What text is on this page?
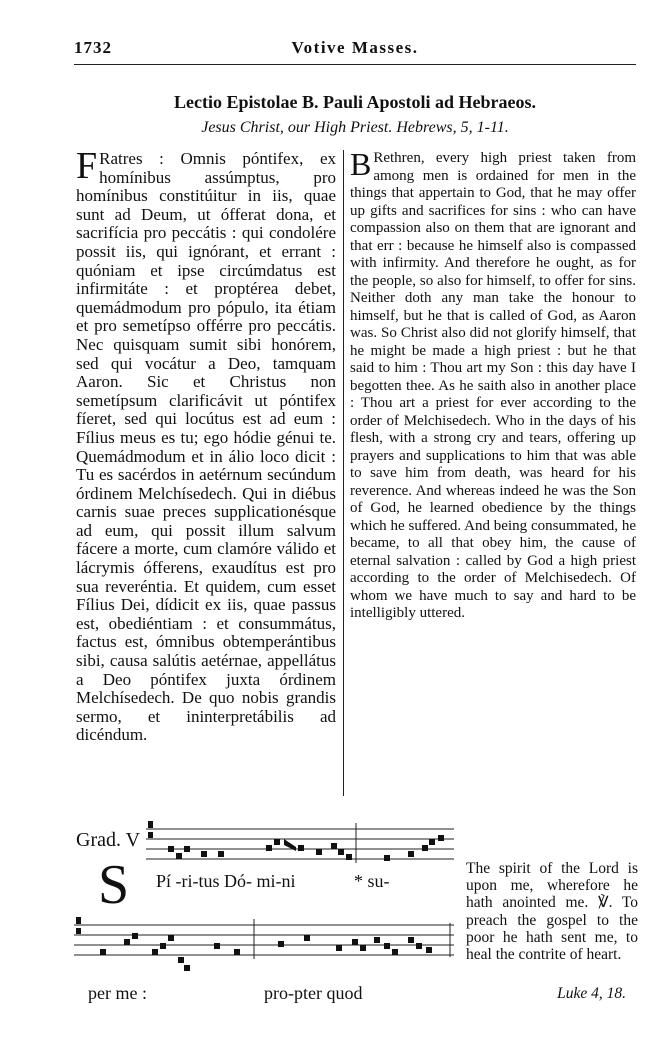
1732	Votive Masses.
Lectio Epistolae B. Pauli Apostoli ad Hebraeos.
Jesus Christ, our High Priest. Hebrews, 5, 1-11.
F Ratres : Omnis póntifex, ex homínibus assúmptus, pro homínibus constitúitur in iis, quae sunt ad Deum, ut ófferat dona, et sacrifícia pro peccátis : qui condolére possit iis, qui ignórant, et errant : quóniam et ipse circúmdatus est infirmitáte : et proptérea debet, quemádmodum pro pópulo, ita étiam et pro semetípso offérre pro peccátis. Nec quisquam sumit sibi honórem, sed qui vocátur a Deo, tamquam Aaron. Sic et Christus non semetípsum clarificávit ut póntifex fíeret, sed qui locútus est ad eum : Fílius meus es tu; ego hódie génui te. Quemádmodum et in álio loco dicit : Tu es sacérdos in aetérnum secúndum órdinem Melchísedech. Qui in diébus carnis suae preces supplicationésque ad eum, qui possit illum salvum fácere a morte, cum clamóre válido et lácrymis ófferens, exaudítus est pro sua reveréntia. Et quidem, cum esset Fílius Dei, dídicit ex iis, quae passus est, obediéntiam : et consummátus, factus est, ómnibus obtemperántibus sibi, causa salútis aetérnae, appellátus a Deo póntifex juxta órdinem Melchísedech. De quo nobis grandis sermo, et ininterpretábilis ad dicéndum.
B Rethren, every high priest taken from among men is ordained for men in the things that appertain to God, that he may offer up gifts and sacrifices for sins : who can have compassion also on them that are ignorant and that err : because he himself also is compassed with infirmity. And therefore he ought, as for the people, so also for himself, to offer for sins. Neither doth any man take the honour to himself, but he that is called of God, as Aaron was. So Christ also did not glorify himself, that he might be made a high priest : but he that said to him : Thou art my Son : this day have I begotten thee. As he saith also in another place : Thou art a priest for ever according to the order of Melchisedech. Who in the days of his flesh, with a strong cry and tears, offering up prayers and supplications to him that was able to save him from death, was heard for his reverence. And whereas indeed he was the Son of God, he learned obedience by the things which he suffered. And being consummated, he became, to all that obey him, the cause of eternal salvation : called by God a high priest according to the order of Melchisedech. Of whom we have much to say and hard to be intelligibly uttered.
Grad. V
S Pí -ri-tus Dó- mi-ni	* su-
per me :	pro-pter quod
The spirit of the Lord is upon me, wherefore he hath anointed me. ℣. To preach the gospel to the poor he hath sent me, to heal the contrite of heart.
Luke 4, 18.
